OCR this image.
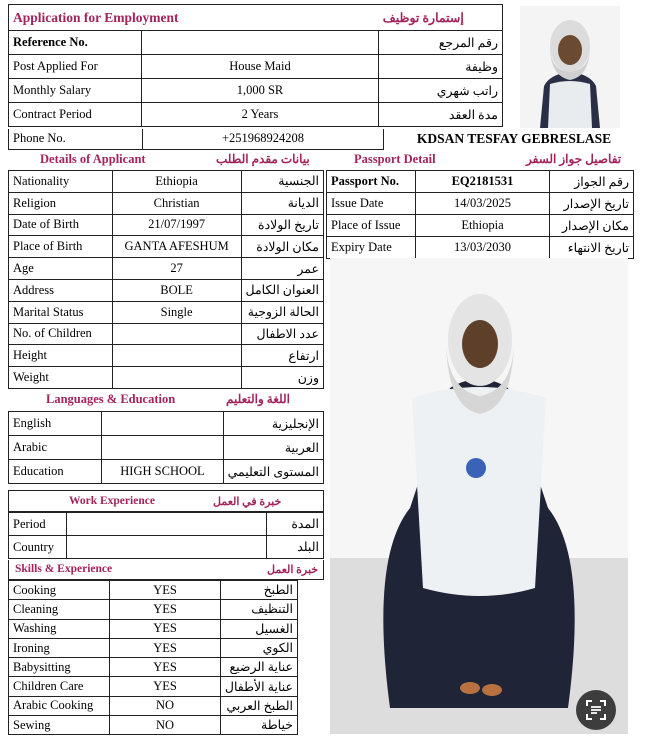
Application for Employment		إستمارة توظيف
Reference No.		رقم المرجع
Post Applied For	House Maid	وظيفة
Monthly Salary	1,000 SR	راتب شهري
Contract Period	2 Years	مدة العقد
Phone No.	+251968924208	KDSAN TESFAY GEBRESLASE
Details of Applicant	بيانات مقدم الطلب
Nationality	Ethiopia	الجنسية
Religion	Christian	الديانة
Date of Birth	21/07/1997	تاريخ الولادة
Place of Birth	GANTA AFESHUM	مكان الولادة
Age	27	عمر
Address	BOLE	العنوان الكامل
Marital Status	Single	الحالة الزوجية
No. of Children		عدد الاطفال
Height		ارتفاع
Weight		وزن
Languages & Education	اللغة والتعليم
English		الإنجليزية
Arabic		العربية
Education	HIGH SCHOOL	المستوى التعليمي
Work Experience	خبرة في العمل
Period		المدة
Country		البلد
Skills & Experience	خبرة العمل
Cooking	YES	الطبخ
Cleaning	YES	التنظيف
Washing	YES	الغسيل
Ironing	YES	الكوي
Babysitting	YES	عناية الرضيع
Children Care	YES	عناية الأطفال
Arabic Cooking	NO	الطبخ العربي
Sewing	NO	خياطة
Passport Detail	تفاصيل جواز السفر
Passport No.	EQ2181531	رقم الجواز
Issue Date	14/03/2025	تاريخ الإصدار
Place of Issue	Ethiopia	مكان الإصدار
Expiry Date	13/03/2030	تاريخ الانتهاء
